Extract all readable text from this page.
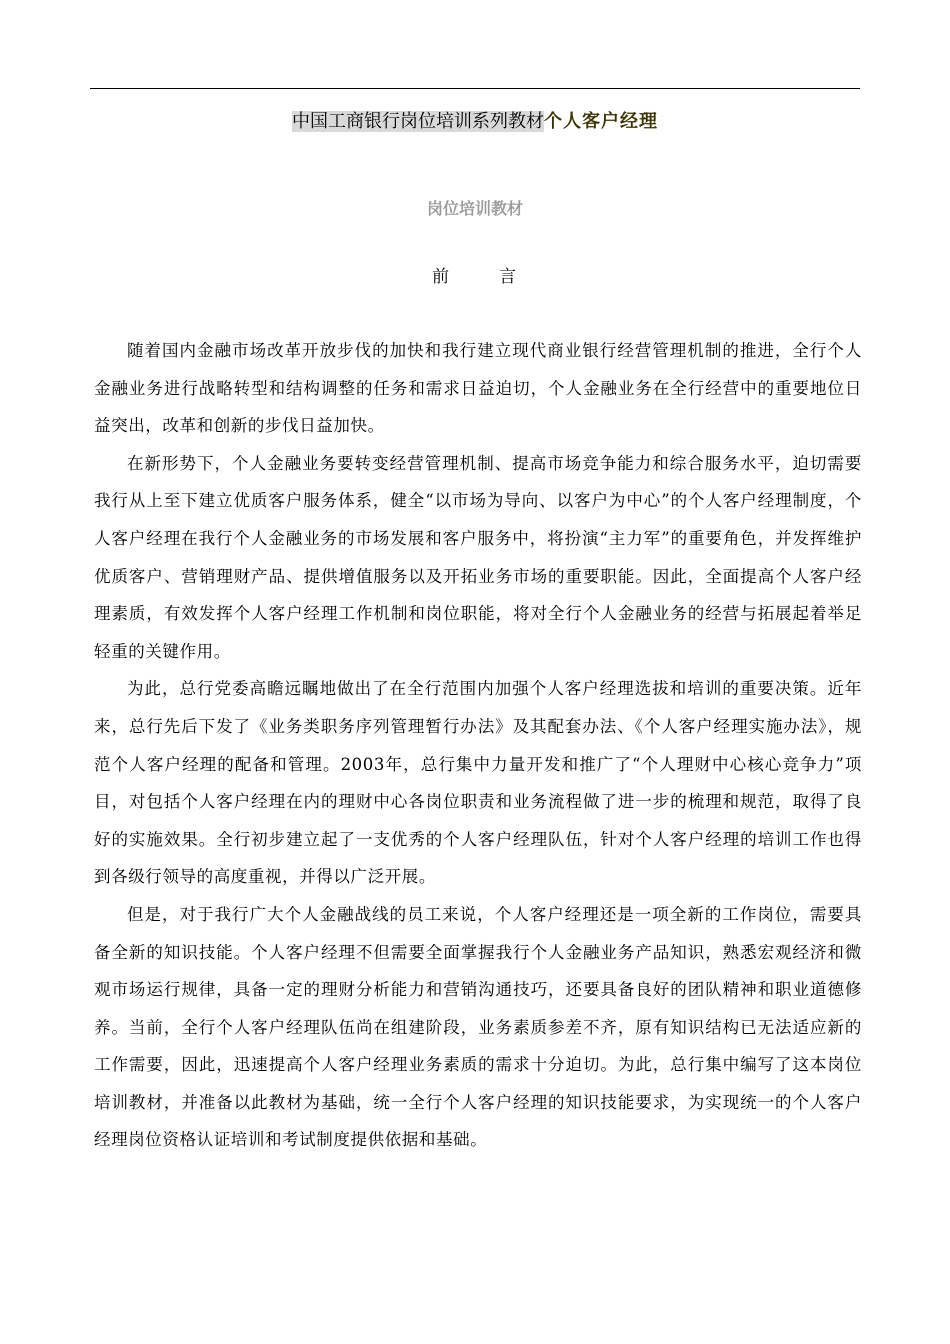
中国工商银行岗位培训系列教材个人客户经理
岗位培训教材
前	言

随着国内金融市场改革开放步伐的加快和我行建立现代商业银行经营管理机制的推进，全行个人金融业务进行战略转型和结构调整的任务和需求日益迫切，个人金融业务在全行经营中的重要地位日益突出，改革和创新的步伐日益加快。

在新形势下，个人金融业务要转变经营管理机制、提高市场竞争能力和综合服务水平，迫切需要我行从上至下建立优质客户服务体系，健全“以市场为导向、以客户为中心”的个人客户经理制度，个人客户经理在我行个人金融业务的市场发展和客户服务中，将扮演“主力军”的重要角色，并发挥维护优质客户、营销理财产品、提供增值服务以及开拓业务市场的重要职能。因此，全面提高个人客户经理素质，有效发挥个人客户经理工作机制和岗位职能，将对全行个人金融业务的经营与拓展起着举足轻重的关键作用。

为此，总行党委高瞻远瞩地做出了在全行范围内加强个人客户经理选拔和培训的重要决策。近年来，总行先后下发了《业务类职务序列管理暂行办法》及其配套办法、《个人客户经理实施办法》，规范个人客户经理的配备和管理。2003年，总行集中力量开发和推广了“个人理财中心核心竞争力”项目，对包括个人客户经理在内的理财中心各岗位职责和业务流程做了进一步的梳理和规范，取得了良好的实施效果。全行初步建立起了一支优秀的个人客户经理队伍，针对个人客户经理的培训工作也得到各级行领导的高度重视，并得以广泛开展。

但是，对于我行广大个人金融战线的员工来说，个人客户经理还是一项全新的工作岗位，需要具备全新的知识技能。个人客户经理不但需要全面掌握我行个人金融业务产品知识，熟悉宏观经济和微观市场运行规律，具备一定的理财分析能力和营销沟通技巧，还要具备良好的团队精神和职业道德修养。当前，全行个人客户经理队伍尚在组建阶段，业务素质参差不齐，原有知识结构已无法适应新的工作需要，因此，迅速提高个人客户经理业务素质的需求十分迫切。为此，总行集中编写了这本岗位培训教材，并准备以此教材为基础，统一全行个人客户经理的知识技能要求，为实现统一的个人客户经理岗位资格认证培训和考试制度提供依据和基础。
